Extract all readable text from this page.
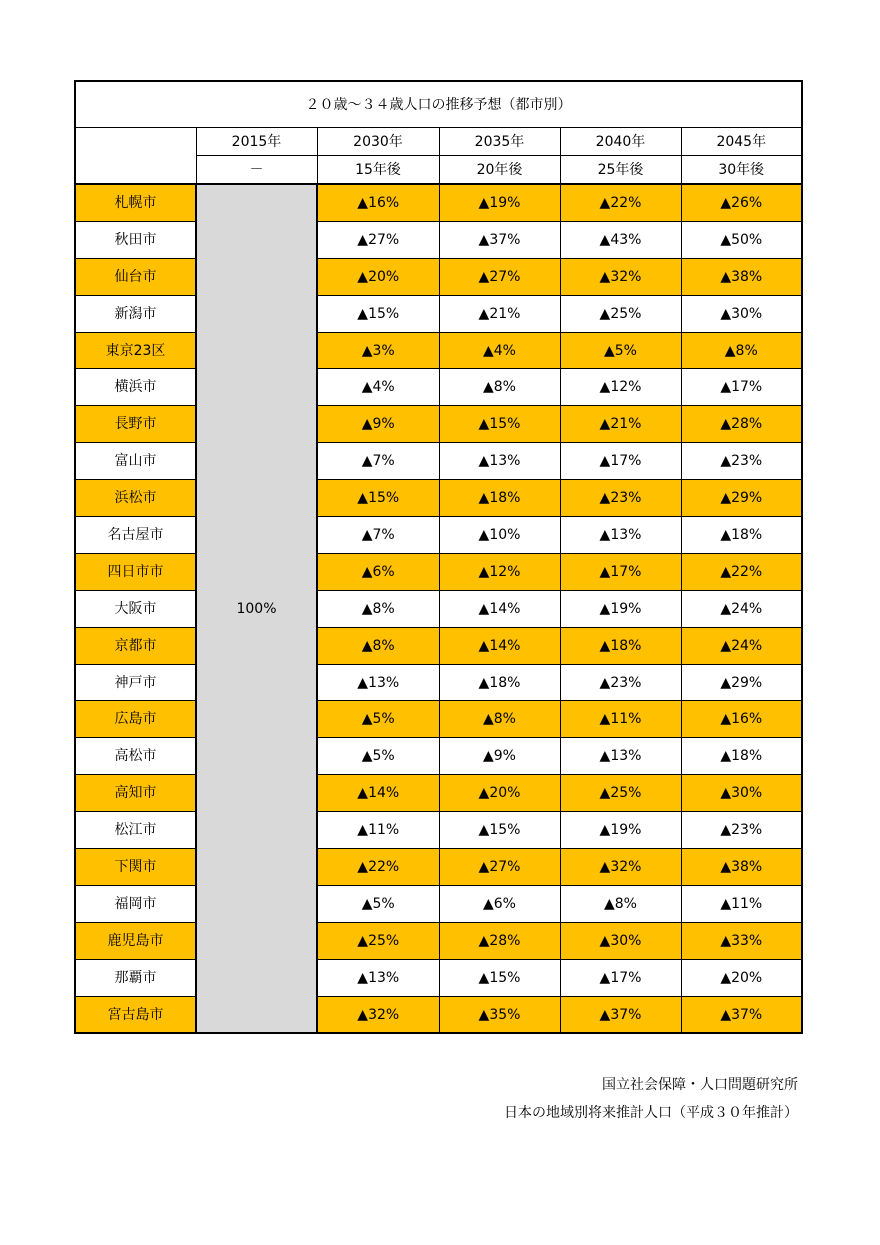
２０歳～３４歳人口の推移予想（都市別）					
	2015年	2030年	2035年	2040年	2045年
	－	15年後	20年後	25年後	30年後
札幌市	100%	▲16%	▲19%	▲22%	▲26%
秋田市		▲27%	▲37%	▲43%	▲50%
仙台市		▲20%	▲27%	▲32%	▲38%
新潟市		▲15%	▲21%	▲25%	▲30%
東京23区		▲3%	▲4%	▲5%	▲8%
横浜市		▲4%	▲8%	▲12%	▲17%
長野市		▲9%	▲15%	▲21%	▲28%
富山市		▲7%	▲13%	▲17%	▲23%
浜松市		▲15%	▲18%	▲23%	▲29%
名古屋市		▲7%	▲10%	▲13%	▲18%
四日市市		▲6%	▲12%	▲17%	▲22%
大阪市		▲8%	▲14%	▲19%	▲24%
京都市		▲8%	▲14%	▲18%	▲24%
神戸市		▲13%	▲18%	▲23%	▲29%
広島市		▲5%	▲8%	▲11%	▲16%
高松市		▲5%	▲9%	▲13%	▲18%
高知市		▲14%	▲20%	▲25%	▲30%
松江市		▲11%	▲15%	▲19%	▲23%
下関市		▲22%	▲27%	▲32%	▲38%
福岡市		▲5%	▲6%	▲8%	▲11%
鹿児島市		▲25%	▲28%	▲30%	▲33%
那覇市		▲13%	▲15%	▲17%	▲20%
宮古島市		▲32%	▲35%	▲37%	▲37%
国立社会保障・人口問題研究所
日本の地域別将来推計人口（平成３０年推計）
